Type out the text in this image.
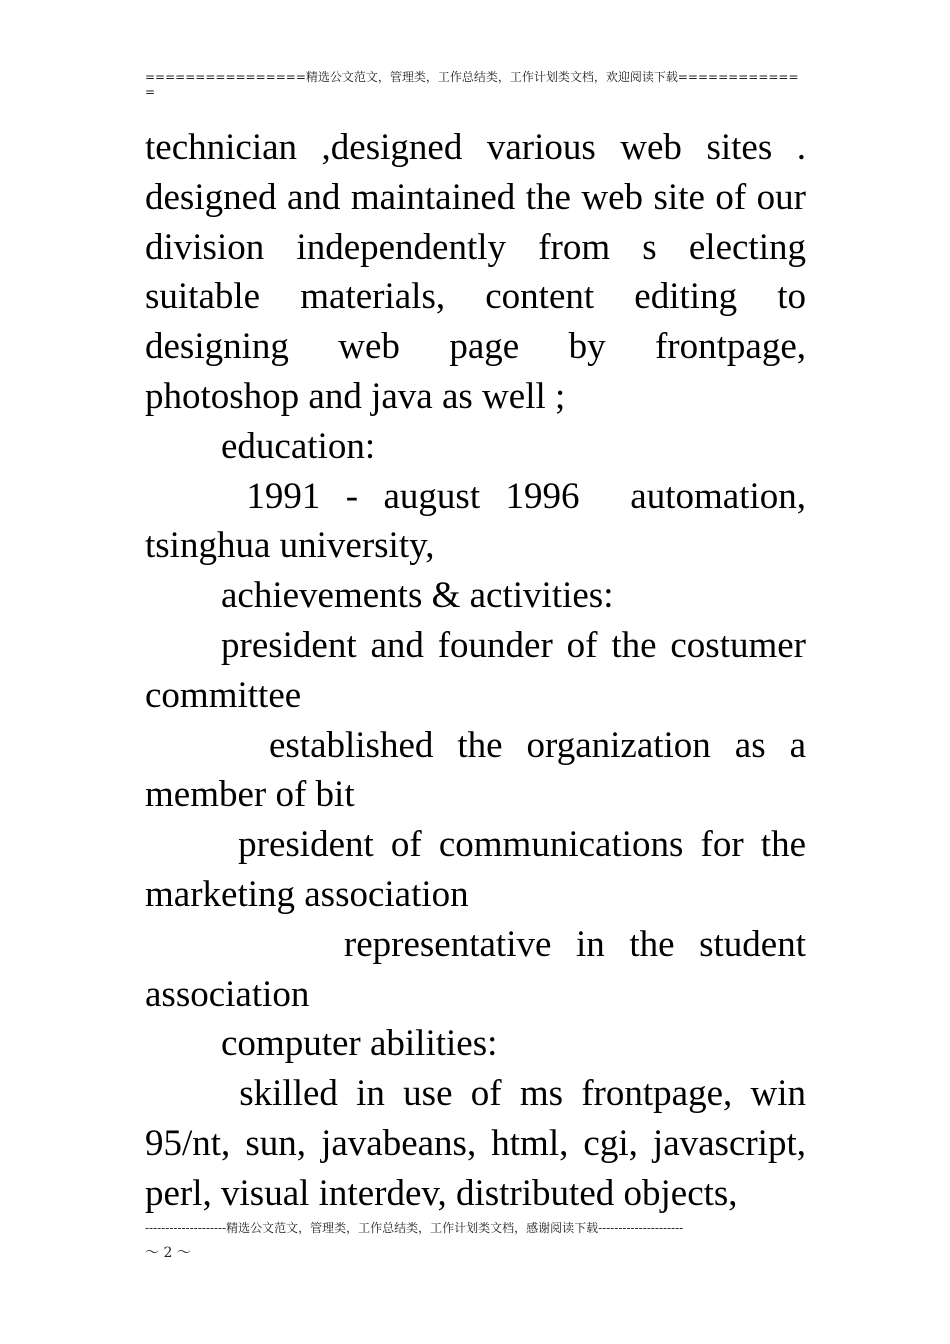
================精选公文范文，管理类，工作总结类，工作计划类文档，欢迎阅读下载=============

technician ,designed various web sites . designed and maintained the web site of our division independently from s electing suitable materials, content editing to designing web page by frontpage, photoshop and java as well ;

education:

1991 - august 1996  automation, tsinghua university,

achievements & activities:

president and founder of the costumer committee

established the organization as a member of bit

president of communications for the marketing association

representative in the student association

computer abilities:

skilled in use of ms frontpage, win 95/nt, sun, javabeans, html, cgi, javascript, perl, visual interdev, distributed objects,

--------------------精选公文范文，管理类，工作总结类，工作计划类文档，感谢阅读下载---------------------
～ 2 ～
